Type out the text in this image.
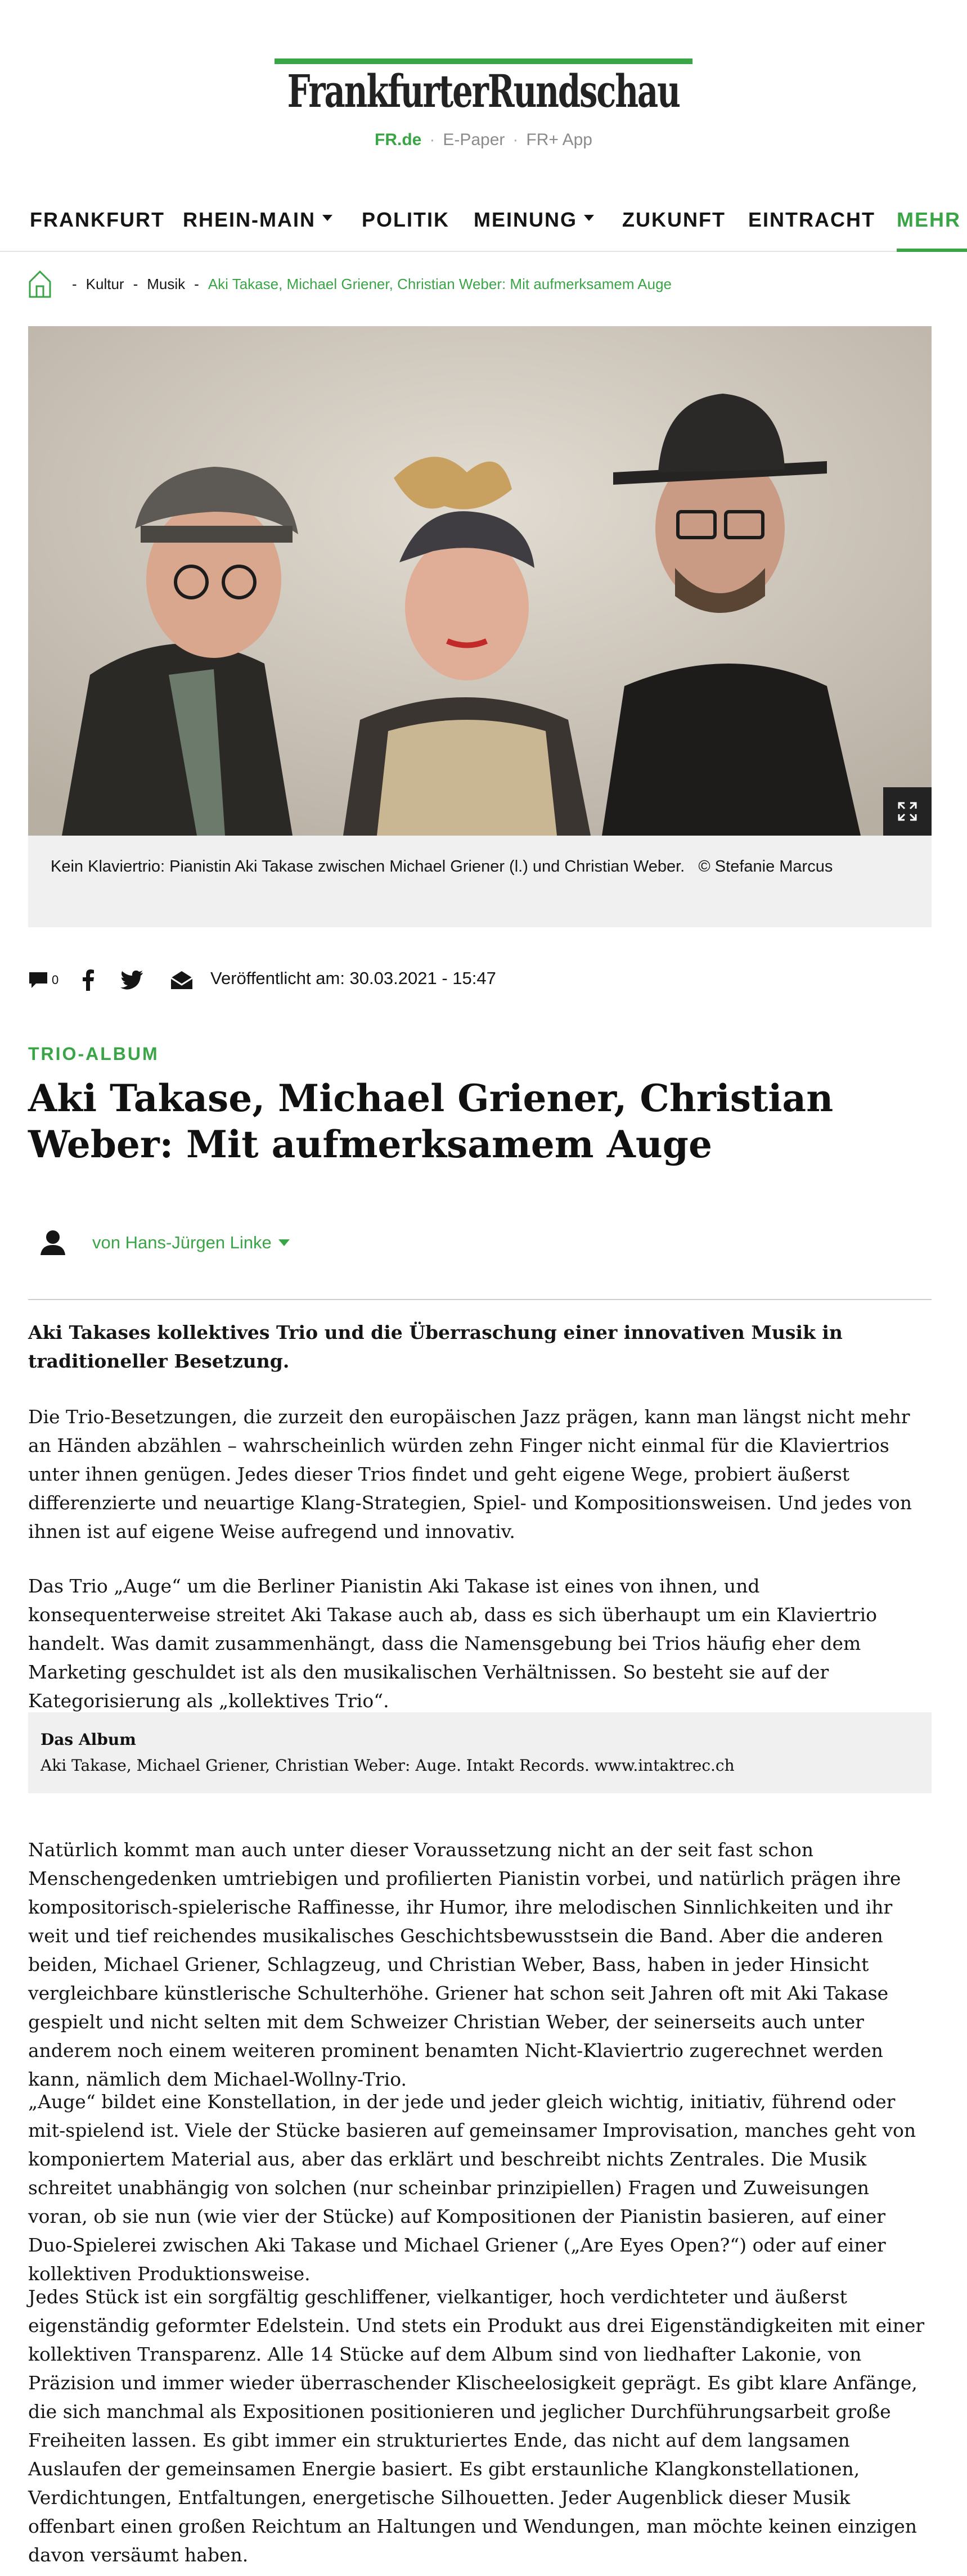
FrankfurterRundschau
FR.de · E-Paper · FR+ App
FRANKFURT RHEIN-MAIN	POLITIK MEINUNG	ZUKUNFT EINTRACHT MEHR
- Kultur - Musik - Aki Takase, Michael Griener, Christian Weber: Mit aufmerksamem Auge
Kein Klaviertrio: Pianistin Aki Takase zwischen Michael Griener (l.) und Christian Weber. © Stefanie Marcus
0	Veröffentlicht am: 30.03.2021 - 15:47
TRIO-ALBUM
Aki Takase, Michael Griener, Christian Weber: Mit aufmerksamem Auge
von Hans-Jürgen Linke

Aki Takases kollektives Trio und die Überraschung einer innovativen Musik in traditioneller Besetzung.

Die Trio-Besetzungen, die zurzeit den europäischen Jazz prägen, kann man längst nicht mehr an Händen abzählen – wahrscheinlich würden zehn Finger nicht einmal für die Klaviertrios unter ihnen genügen. Jedes dieser Trios findet und geht eigene Wege, probiert äußerst differenzierte und neuartige Klang-Strategien, Spiel- und Kompositionsweisen. Und jedes von ihnen ist auf eigene Weise aufregend und innovativ.

Das Trio „Auge“ um die Berliner Pianistin Aki Takase ist eines von ihnen, und konsequenterweise streitet Aki Takase auch ab, dass es sich überhaupt um ein Klaviertrio handelt. Was damit zusammenhängt, dass die Namensgebung bei Trios häufig eher dem Marketing geschuldet ist als den musikalischen Verhältnissen. So besteht sie auf der Kategorisierung als „kollektives Trio“.

Das Album
Aki Takase, Michael Griener, Christian Weber: Auge. Intakt Records. www.intaktrec.ch

Natürlich kommt man auch unter dieser Voraussetzung nicht an der seit fast schon Menschengedenken umtriebigen und profilierten Pianistin vorbei, und natürlich prägen ihre kompositorisch-spielerische Raffinesse, ihr Humor, ihre melodischen Sinnlichkeiten und ihr weit und tief reichendes musikalisches Geschichtsbewusstsein die Band. Aber die anderen beiden, Michael Griener, Schlagzeug, und Christian Weber, Bass, haben in jeder Hinsicht vergleichbare künstlerische Schulterhöhe. Griener hat schon seit Jahren oft mit Aki Takase gespielt und nicht selten mit dem Schweizer Christian Weber, der seinerseits auch unter anderem noch einem weiteren prominent benamten Nicht-Klaviertrio zugerechnet werden kann, nämlich dem Michael-Wollny-Trio.

„Auge“ bildet eine Konstellation, in der jede und jeder gleich wichtig, initiativ, führend oder mit-spielend ist. Viele der Stücke basieren auf gemeinsamer Improvisation, manches geht von komponiertem Material aus, aber das erklärt und beschreibt nichts Zentrales. Die Musik schreitet unabhängig von solchen (nur scheinbar prinzipiellen) Fragen und Zuweisungen voran, ob sie nun (wie vier der Stücke) auf Kompositionen der Pianistin basieren, auf einer Duo-Spielerei zwischen Aki Takase und Michael Griener („Are Eyes Open?“) oder auf einer kollektiven Produktionsweise.

Jedes Stück ist ein sorgfältig geschliffener, vielkantiger, hoch verdichteter und äußerst eigenständig geformter Edelstein. Und stets ein Produkt aus drei Eigenständigkeiten mit einer kollektiven Transparenz. Alle 14 Stücke auf dem Album sind von liedhafter Lakonie, von Präzision und immer wieder überraschender Klischeelosigkeit geprägt. Es gibt klare Anfänge, die sich manchmal als Expositionen positionieren und jeglicher Durchführungsarbeit große Freiheiten lassen. Es gibt immer ein strukturiertes Ende, das nicht auf dem langsamen Auslaufen der gemeinsamen Energie basiert. Es gibt erstaunliche Klangkonstellationen, Verdichtungen, Entfaltungen, energetische Silhouetten. Jeder Augenblick dieser Musik offenbart einen großen Reichtum an Haltungen und Wendungen, man möchte keinen einzigen davon versäumt haben.
